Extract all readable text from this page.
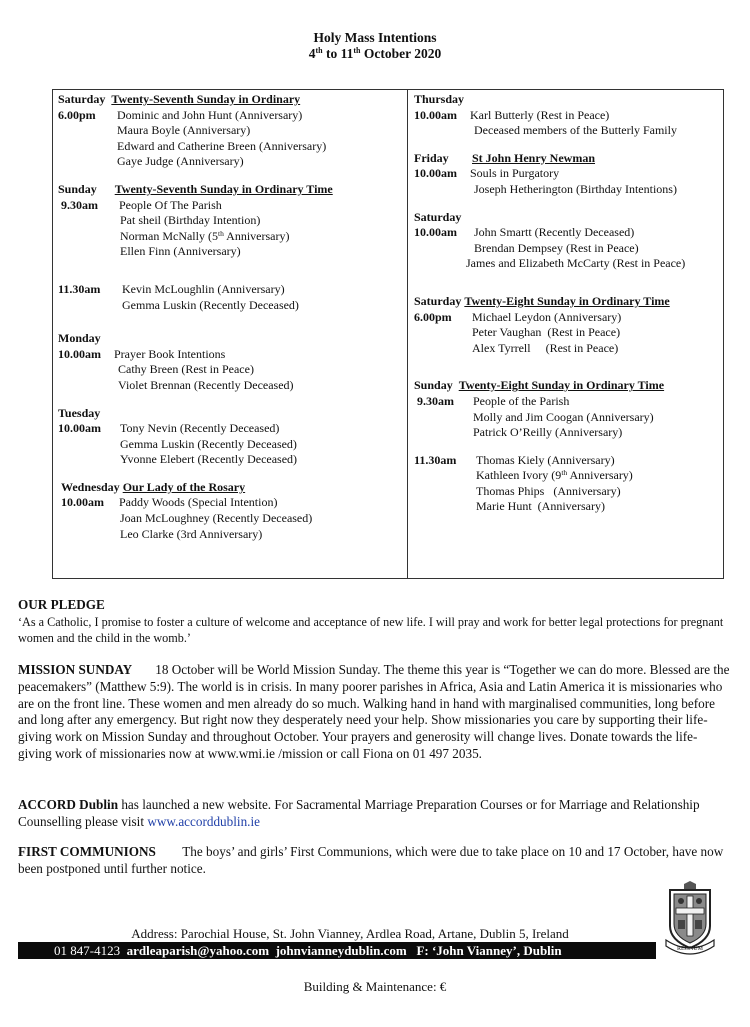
Holy Mass Intentions
4th to 11th October 2020
Saturday Twenty-Seventh Sunday in Ordinary
6.00pm Dominic and John Hunt (Anniversary)
Maura Boyle (Anniversary)
Edward and Catherine Breen (Anniversary)
Gaye Judge (Anniversary)
Sunday Twenty-Seventh Sunday in Ordinary Time
9.30am People Of The Parish
Pat sheil (Birthday Intention)
Norman McNally (5th Anniversary)
Ellen Finn (Anniversary)
11.30am Kevin McLoughlin (Anniversary)
Gemma Luskin (Recently Deceased)
Monday
10.00am Prayer Book Intentions
Cathy Breen (Rest in Peace)
Violet Brennan (Recently Deceased)
Tuesday
10.00am Tony Nevin (Recently Deceased)
Gemma Luskin (Recently Deceased)
Yvonne Elebert (Recently Deceased)
Wednesday Our Lady of the Rosary
10.00am Paddy Woods (Special Intention)
Joan McLoughney (Recently Deceased)
Leo Clarke (3rd Anniversary)
Thursday
10.00am Karl Butterly (Rest in Peace)
Deceased members of the Butterly Family
Friday St John Henry Newman
10.00am Souls in Purgatory
Joseph Hetherington (Birthday Intentions)
Saturday
10.00am John Smartt (Recently Deceased)
Brendan Dempsey (Rest in Peace)
James and Elizabeth McCarty (Rest in Peace)
Saturday Twenty-Eight Sunday in Ordinary Time
6.00pm Michael Leydon (Anniversary)
Peter Vaughan  (Rest in Peace)
Alex Tyrrell     (Rest in Peace)
Sunday Twenty-Eight Sunday in Ordinary Time
9.30am People of the Parish
Molly and Jim Coogan (Anniversary)
Patrick O’Reilly (Anniversary)
11.30am Thomas Kiely (Anniversary)
Kathleen Ivory (9th Anniversary)
Thomas Phips   (Anniversary)
Marie Hunt  (Anniversary)
OUR PLEDGE
‘As a Catholic, I promise to foster a culture of welcome and acceptance of new life. I will pray and work for better legal protections for pregnant women and the child in the womb.’
MISSION SUNDAY 18 October will be World Mission Sunday. The theme this year is “Together we can do more. Blessed are the peacemakers” (Matthew 5:9). The world is in crisis. In many poorer parishes in Africa, Asia and Latin America it is missionaries who are on the front line. These women and men already do so much. Walking hand in hand with marginalised communities, long before and long after any emergency. But right now they desperately need your help. Show missionaries you care by supporting their life-giving work on Mission Sunday and throughout October. Your prayers and generosity will change lives. Donate towards the life-giving work of missionaries now at www.wmi.ie /mission or call Fiona on 01 497 2035.
ACCORD Dublin has launched a new website. For Sacramental Marriage Preparation Courses or for Marriage and Relationship Counselling please visit www.accorddublin.ie
FIRST COMMUNIONS The boys’ and girls’ First Communions, which were due to take place on 10 and 17 October, have now been postponed until further notice.
Address: Parochial House, St. John Vianney, Ardlea Road, Artane, Dublin 5, Ireland
01 847-4123 ardleaparish@yahoo.com johnvianneydublin.com F: ‘John Vianney’, Dublin	REGNUM
Building & Maintenance: €
